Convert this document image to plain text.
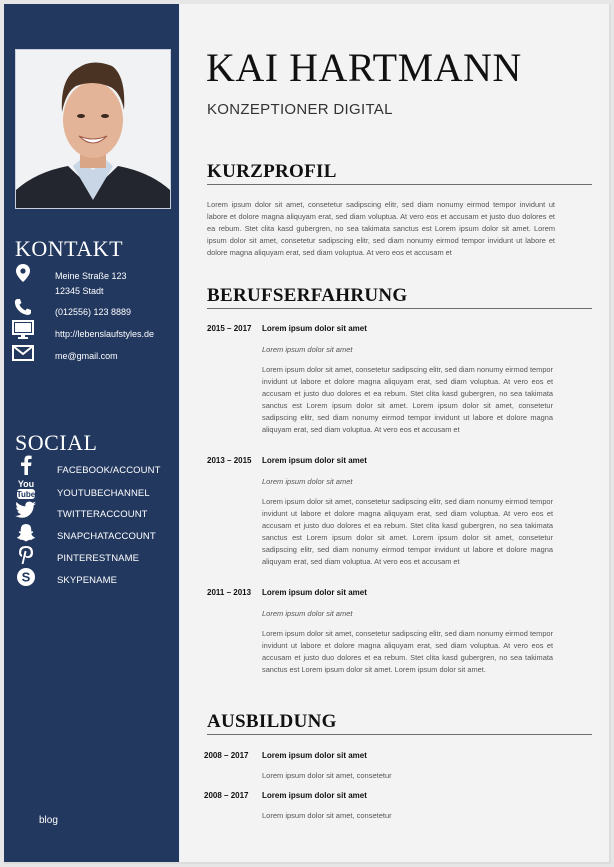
KONTAKT
Meine Straße 123
12345 Stadt
(012556) 123 8889
http://lebenslaufstyles.de
me@gmail.com
SOCIAL
FACEBOOK/ACCOUNT
You
Tube YOUTUBECHANNEL
TWITTERACCOUNT
SNAPCHATACCOUNT
PINTERESTNAME
S	SKYPENAME
blog
KAI HARTMANN
KONZEPTIONER DIGITAL
KURZPROFIL
Lorem ipsum dolor sit amet, consetetur sadipscing elitr, sed diam nonumy eirmod tempor invidunt ut labore et dolore magna aliquyam erat, sed diam voluptua. At vero eos et accusam et justo duo dolores et ea rebum. Stet clita kasd gubergren, no sea takimata sanctus est Lorem ipsum dolor sit amet. Lorem ipsum dolor sit amet, consetetur sadipscing elitr, sed diam nonumy eirmod tempor invidunt ut labore et dolore magna aliquyam erat, sed diam voluptua. At vero eos et accusam et
BERUFSERFAHRUNG
2015 – 2017 Lorem ipsum dolor sit amet
Lorem ipsum dolor sit amet
Lorem ipsum dolor sit amet, consetetur sadipscing elitr, sed diam nonumy eirmod tempor invidunt ut labore et dolore magna aliquyam erat, sed diam voluptua. At vero eos et accusam et justo duo dolores et ea rebum. Stet clita kasd gubergren, no sea takimata sanctus est Lorem ipsum dolor sit amet. Lorem ipsum dolor sit amet, consetetur sadipscing elitr, sed diam nonumy eirmod tempor invidunt ut labore et dolore magna aliquyam erat, sed diam voluptua. At vero eos et accusam et
2013 – 2015 Lorem ipsum dolor sit amet
Lorem ipsum dolor sit amet
Lorem ipsum dolor sit amet, consetetur sadipscing elitr, sed diam nonumy eirmod tempor invidunt ut labore et dolore magna aliquyam erat, sed diam voluptua. At vero eos et accusam et justo duo dolores et ea rebum. Stet clita kasd gubergren, no sea takimata sanctus est Lorem ipsum dolor sit amet. Lorem ipsum dolor sit amet, consetetur sadipscing elitr, sed diam nonumy eirmod tempor invidunt ut labore et dolore magna aliquyam erat, sed diam voluptua. At vero eos et accusam et
2011 – 2013 Lorem ipsum dolor sit amet
Lorem ipsum dolor sit amet
Lorem ipsum dolor sit amet, consetetur sadipscing elitr, sed diam nonumy eirmod tempor invidunt ut labore et dolore magna aliquyam erat, sed diam voluptua. At vero eos et accusam et justo duo dolores et ea rebum. Stet clita kasd gubergren, no sea takimata sanctus est Lorem ipsum dolor sit amet. Lorem ipsum dolor sit amet.
AUSBILDUNG
2008 – 2017 Lorem ipsum dolor sit amet
Lorem ipsum dolor sit amet, consetetur
2008 – 2017 Lorem ipsum dolor sit amet
Lorem ipsum dolor sit amet, consetetur
